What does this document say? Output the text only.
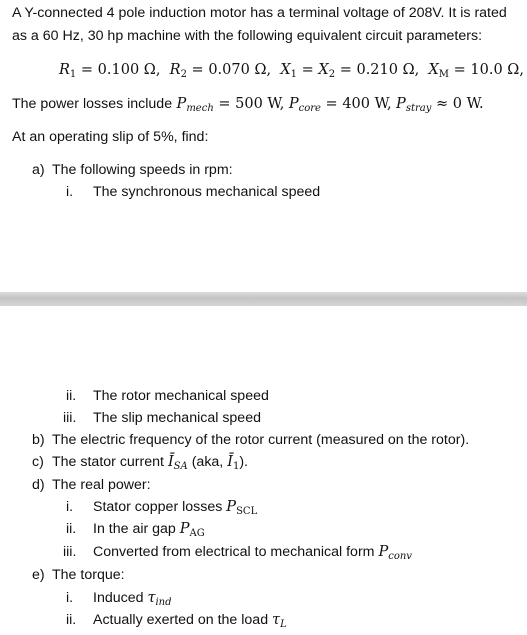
A Y-connected 4 pole induction motor has a terminal voltage of 208V. It is rated
as a 60 Hz, 30 hp machine with the following equivalent circuit parameters:
$R_1 = 0.100$ Ω, $R_2 = 0.070$ Ω, $X_1 = X_2 = 0.210$ Ω, $X_M = 10.0$ Ω,
The power losses include $P_{mech} = 500$ W, $P_{core} = 400$ W, $P_{stray} \approx 0$ W.
At an operating slip of 5%, find:
a) The following speeds in rpm:
i. The synchronous mechanical speed
ii. The rotor mechanical speed
iii. The slip mechanical speed
b) The electric frequency of the rotor current (measured on the rotor).
c) The stator current $Ī_{SA}$ (aka, $Ī_1$).
d) The real power:
i. Stator copper losses $P_{SCL}$
ii. In the air gap $P_{AG}$
iii. Converted from electrical to mechanical form $P_{conv}$
e) The torque:
i. Induced $\tau_{ind}$
ii. Actually exerted on the load $\tau_L$
